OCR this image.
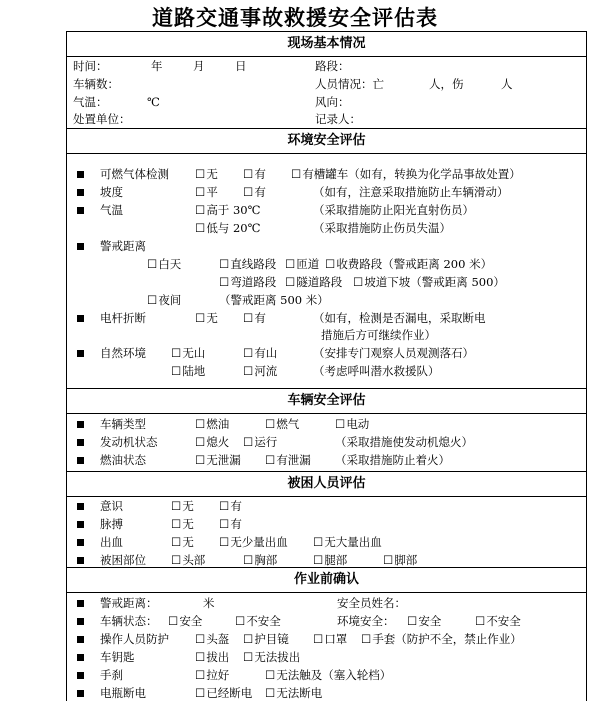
道路交通事故救援安全评估表
现场基本情况
时间：	年	月	日	路段：
车辆数：	人员情况：亡	人，伤	人
气温：	℃	风向：
处置单位：	记录人：
环境安全评估
可燃气体检测	☐ 无	☐ 有	☐ 有槽罐车（如有，转换为化学品事故处置）
坡度	☐ 平	☐ 有	（如有，注意采取措施防止车辆滑动）
气温	☐ 高于 30℃	（采取措施防止阳光直射伤员）
☐ 低与 20℃	（采取措施防止伤员失温）
警戒距离
☐ 白天	☐ 直线路段	☐ 匝道	☐ 收费路段（警戒距离 200 米）
☐ 弯道路段	☐ 隧道路段	☐ 坡道下坡（警戒距离 500）
☐ 夜间	（警戒距离 500 米）
电杆折断	☐ 无	☐ 有	（如有，检测是否漏电，采取断电
措施后方可继续作业）
自然环境	☐ 无山	☐ 有山	（安排专门观察人员观测落石）
☐ 陆地	☐ 河流	（考虑呼叫潜水救援队）
车辆安全评估
车辆类型	☐ 燃油	☐ 燃气	☐ 电动
发动机状态	☐ 熄火	☐ 运行	（采取措施使发动机熄火）
燃油状态	☐ 无泄漏	☐ 有泄漏 （采取措施防止着火）
被困人员评估
意识	☐ 无	☐ 有
脉搏	☐ 无	☐ 有
出血	☐ 无	☐ 无少量出血	☐ 无大量出血
被困部位	☐ 头部	☐ 胸部	☐ 腿部	☐ 脚部
作业前确认
警戒距离：	米	安全员姓名：
车辆状态：	☐ 安全	☐ 不安全	环境安全：	☐ 安全	☐ 不安全
操作人员防护	☐ 头盔	☐ 护目镜	☐ 口罩	☐ 手套（防护不全，禁止作业）
车钥匙	☐ 拔出	☐ 无法拔出
手刹	☐ 拉好	☐ 无法触及（塞入轮档）
电瓶断电	☐ 已经断电	☐ 无法断电
